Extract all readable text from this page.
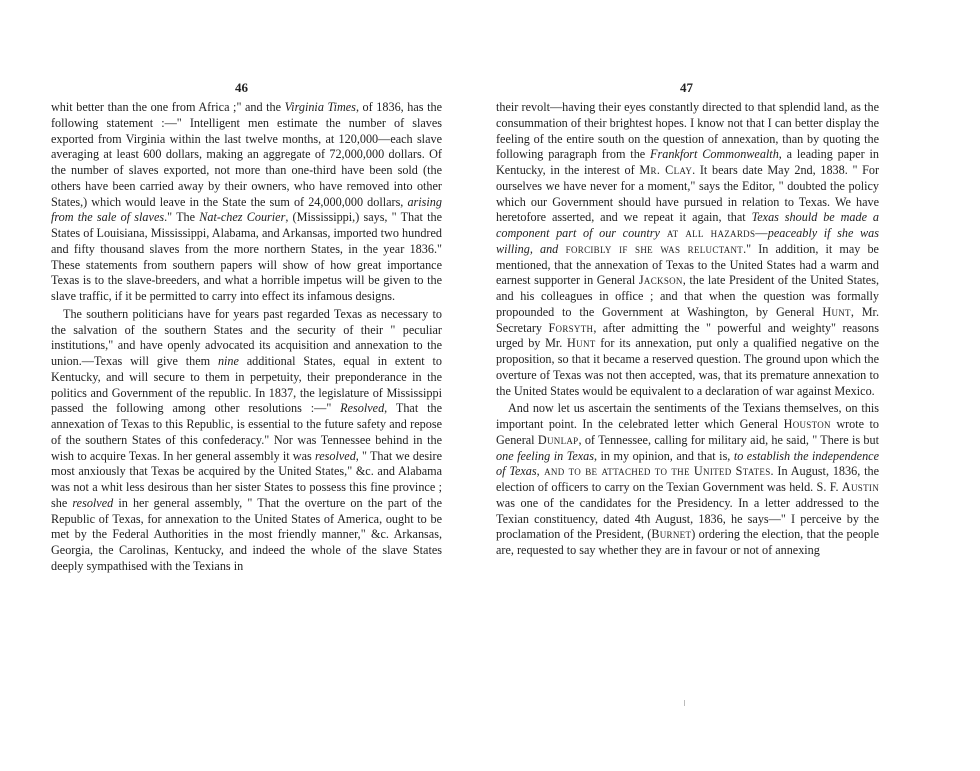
46

whit better than the one from Africa ;" and the Virginia Times, of 1836, has the following statement :—" Intelligent men estimate the number of slaves exported from Virginia within the last twelve months, at 120,000—each slave averaging at least 600 dollars, making an aggregate of 72,000,000 dollars. Of the number of slaves exported, not more than one-third have been sold (the others have been carried away by their owners, who have removed into other States,) which would leave in the State the sum of 24,000,000 dollars, arising from the sale of slaves." The Nat-chez Courier, (Mississippi,) says, " That the States of Louisiana, Mississippi, Alabama, and Arkansas, imported two hundred and fifty thousand slaves from the more northern States, in the year 1836." These statements from southern papers will show of how great importance Texas is to the slave-breeders, and what a horrible impetus will be given to the slave traffic, if it be permitted to carry into effect its infamous designs.

The southern politicians have for years past regarded Texas as necessary to the salvation of the southern States and the security of their " peculiar institutions," and have openly advocated its acquisition and annexation to the union.—Texas will give them nine additional States, equal in extent to Kentucky, and will secure to them in perpetuity, their preponderance in the politics and Government of the republic. In 1837, the legislature of Mississippi passed the following among other resolutions :—" Resolved, That the annexation of Texas to this Republic, is essential to the future safety and repose of the southern States of this confederacy." Nor was Tennessee behind in the wish to acquire Texas. In her general assembly it was resolved, " That we desire most anxiously that Texas be acquired by the United States," &c. and Alabama was not a whit less desirous than her sister States to possess this fine province ; she resolved in her general assembly, " That the overture on the part of the Republic of Texas, for annexation to the United States of America, ought to be met by the Federal Authorities in the most friendly manner," &c. Arkansas, Georgia, the Carolinas, Kentucky, and indeed the whole of the slave States deeply sympathised with the Texians in

47

their revolt—having their eyes constantly directed to that splendid land, as the consummation of their brightest hopes. I know not that I can better display the feeling of the entire south on the question of annexation, than by quoting the following paragraph from the Frankfort Commonwealth, a leading paper in Kentucky, in the interest of Mr. Clay. It bears date May 2nd, 1838. " For ourselves we have never for a moment," says the Editor, " doubted the policy which our Government should have pursued in relation to Texas. We have heretofore asserted, and we repeat it again, that Texas should be made a component part of our country at all hazards—peaceably if she was willing, and forcibly if she was reluctant." In addition, it may be mentioned, that the annexation of Texas to the United States had a warm and earnest supporter in General Jackson, the late President of the United States, and his colleagues in office ; and that when the question was formally propounded to the Government at Washington, by General Hunt, Mr. Secretary Forsyth, after admitting the " powerful and weighty" reasons urged by Mr. Hunt for its annexation, put only a qualified negative on the proposition, so that it became a reserved question. The ground upon which the overture of Texas was not then accepted, was, that its premature annexation to the United States would be equivalent to a declaration of war against Mexico.

And now let us ascertain the sentiments of the Texians themselves, on this important point. In the celebrated letter which General Houston wrote to General Dunlap, of Tennessee, calling for military aid, he said, " There is but one feeling in Texas, in my opinion, and that is, to establish the independence of Texas, and to be attached to the United States. In August, 1836, the election of officers to carry on the Texian Government was held. S. F. Austin was one of the candidates for the Presidency. In a letter addressed to the Texian constituency, dated 4th August, 1836, he says—" I perceive by the proclamation of the President, (Burnet) ordering the election, that the people are, requested to say whether they are in favour or not of annexing
